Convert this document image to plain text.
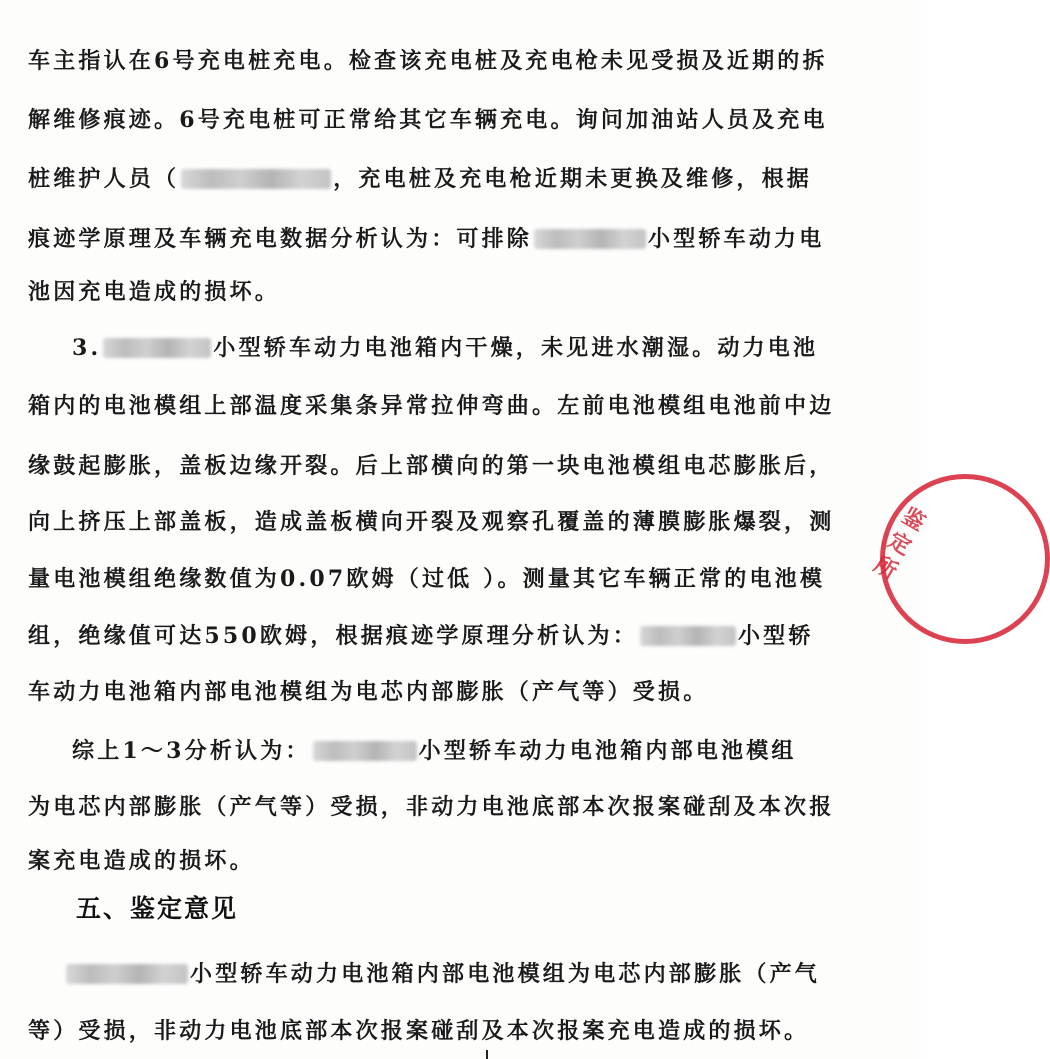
车主指认在6号充电桩充电。检查该充电桩及充电枪未见受损及近期的拆
解维修痕迹。6号充电桩可正常给其它车辆充电。询问加油站人员及充电
桩维护人员（	，充电桩及充电枪近期未更换及维修，根据
痕迹学原理及车辆充电数据分析认为：可排除	小型轿车动力电
池因充电造成的损坏。
3.	小型轿车动力电池箱内干燥，未见进水潮湿。动力电池
箱内的电池模组上部温度采集条异常拉伸弯曲。左前电池模组电池前中边
缘鼓起膨胀，盖板边缘开裂。后上部横向的第一块电池模组电芯膨胀后，
向上挤压上部盖板，造成盖板横向开裂及观察孔覆盖的薄膜膨胀爆裂，测
量电池模组绝缘数值为0.07欧姆（过低 ）。测量其它车辆正常的电池模
组，绝缘值可达550欧姆，根据痕迹学原理分析认为：	小型轿
车动力电池箱内部电池模组为电芯内部膨胀（产气等）受损。
综上1～3分析认为：	小型轿车动力电池箱内部电池模组
为电芯内部膨胀（产气等）受损，非动力电池底部本次报案碰刮及本次报
案充电造成的损坏。
五、鉴定意见
小型轿车动力电池箱内部电池模组为电芯内部膨胀（产气
等）受损，非动力电池底部本次报案碰刮及本次报案充电造成的损坏。
鉴定所
